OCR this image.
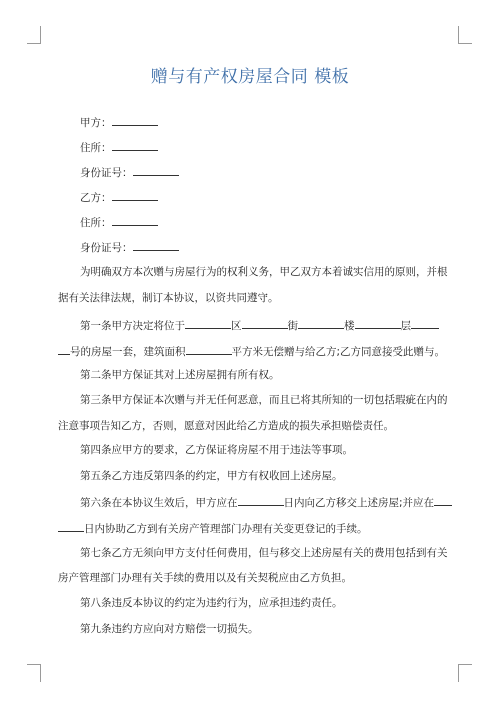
赠与有产权房屋合同 模板
甲方：
住所：
身份证号：
乙方：
住所：
身份证号：
为明确双方本次赠与房屋行为的权利义务，甲乙双方本着诚实信用的原则，并根
据有关法律法规，制订本协议，以资共同遵守。
第一条甲方决定将位于	区	街	楼	层
号的房屋一套，建筑面积	平方米无偿赠与给乙方;乙方同意接受此赠与。
第二条甲方保证其对上述房屋拥有所有权。
第三条甲方保证本次赠与并无任何恶意，而且已将其所知的一切包括瑕疵在内的
注意事项告知乙方，否则，愿意对因此给乙方造成的损失承担赔偿责任。
第四条应甲方的要求，乙方保证将房屋不用于违法等事项。
第五条乙方违反第四条的约定，甲方有权收回上述房屋。
第六条在本协议生效后，甲方应在	日内向乙方移交上述房屋;并应在
日内协助乙方到有关房产管理部门办理有关变更登记的手续。
第七条乙方无须向甲方支付任何费用，但与移交上述房屋有关的费用包括到有关
房产管理部门办理有关手续的费用以及有关契税应由乙方负担。
第八条违反本协议的约定为违约行为，应承担违约责任。
第九条违约方应向对方赔偿一切损失。
